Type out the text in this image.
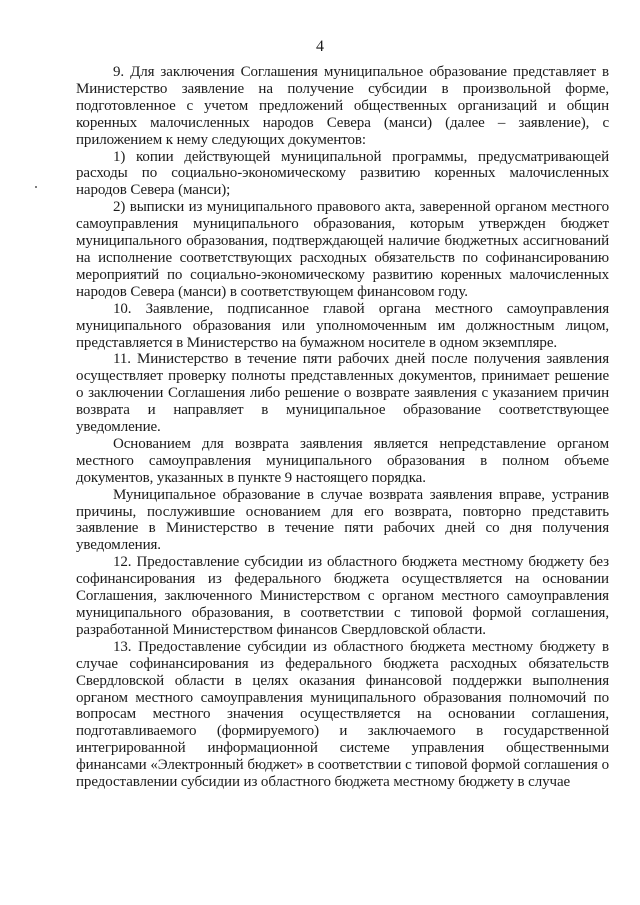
4

9. Для заключения Соглашения муниципальное образование представляет в Министерство заявление на получение субсидии в произвольной форме, подготовленное с учетом предложений общественных организаций и общин коренных малочисленных народов Севера (манси) (далее – заявление), с приложением к нему следующих документов:

1) копии действующей муниципальной программы, предусматривающей расходы по социально-экономическому развитию коренных малочисленных народов Севера (манси);

2) выписки из муниципального правового акта, заверенной органом местного самоуправления муниципального образования, которым утвержден бюджет муниципального образования, подтверждающей наличие бюджетных ассигнований на исполнение соответствующих расходных обязательств по софинансированию мероприятий по социально-экономическому развитию коренных малочисленных народов Севера (манси) в соответствующем финансовом году.

10. Заявление, подписанное главой органа местного самоуправления муниципального образования или уполномоченным им должностным лицом, представляется в Министерство на бумажном носителе в одном экземпляре.

11. Министерство в течение пяти рабочих дней после получения заявления осуществляет проверку полноты представленных документов, принимает решение о заключении Соглашения либо решение о возврате заявления с указанием причин возврата и направляет в муниципальное образование соответствующее уведомление.

Основанием для возврата заявления является непредставление органом местного самоуправления муниципального образования в полном объеме документов, указанных в пункте 9 настоящего порядка.

Муниципальное образование в случае возврата заявления вправе, устранив причины, послужившие основанием для его возврата, повторно представить заявление в Министерство в течение пяти рабочих дней со дня получения уведомления.

12. Предоставление субсидии из областного бюджета местному бюджету без софинансирования из федерального бюджета осуществляется на основании Соглашения, заключенного Министерством с органом местного самоуправления муниципального образования, в соответствии с типовой формой соглашения, разработанной Министерством финансов Свердловской области.

13. Предоставление субсидии из областного бюджета местному бюджету в случае софинансирования из федерального бюджета расходных обязательств Свердловской области в целях оказания финансовой поддержки выполнения органом местного самоуправления муниципального образования полномочий по вопросам местного значения осуществляется на основании соглашения, подготавливаемого (формируемого) и заключаемого в государственной интегрированной информационной системе управления общественными финансами «Электронный бюджет» в соответствии с типовой формой соглашения о предоставлении субсидии из областного бюджета местному бюджету в случае
